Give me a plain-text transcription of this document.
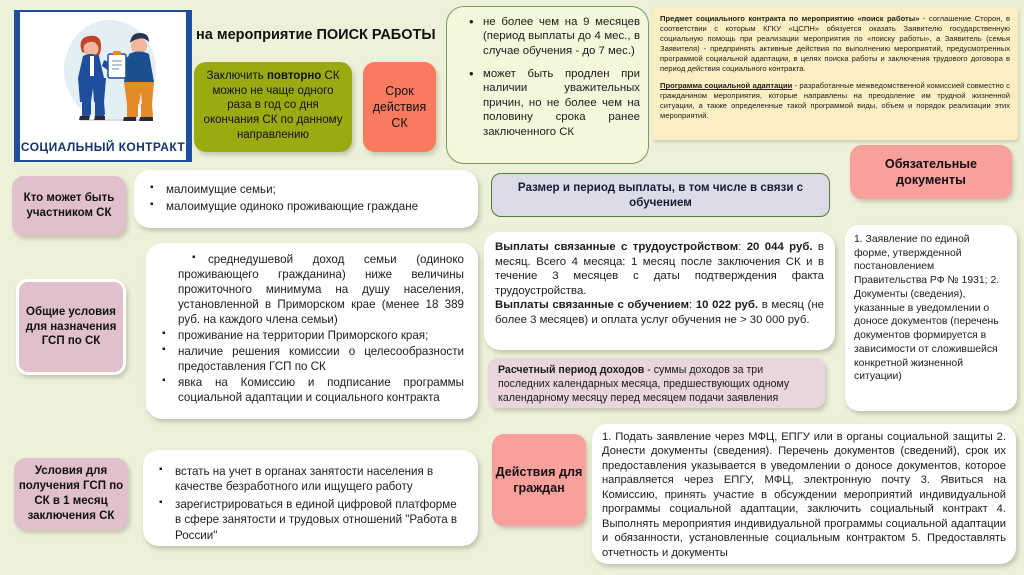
СОЦИАЛЬНЫЙ КОНТРАКТ
на мероприятие ПОИСК РАБОТЫ
Заключить повторно СК можно не чаще одного раза в год со дня окончания СК по данному направлению
Срок действия СК
• не более чем на 9 месяцев (период выплаты до 4 мес., в случае обучения - до 7 мес.)
• может быть продлен при наличии уважительных причин, но не более чем на половину срока ранее заключенного СК

Предмет социального контракта по мероприятию «поиск работы» - соглашение Сторон, в соответствии с которым КГКУ «ЦСПН» обязуется оказать Заявителю государственную социальную помощь при реализации мероприятия по «поиску работы», а Заявитель (семья Заявителя) - предпринять активные действия по выполнению мероприятий, предусмотренных программой социальной адаптации, в целях поиска работы и заключения трудового договора в период действия социального контракта.

Программа социальной адаптации - разработанные межведомственной комиссией совместно с гражданином мероприятия, которые направлены на преодоление им трудной жизненной ситуации, а также определенные такой программой виды, объем и порядок реализации этих мероприятий.

Кто может быть участником СК
Общие условия для назначения ГСП по СК
Условия для получения ГСП по СК в 1 месяц заключения СК
▪ малоимущие семьи;
▪ малоимущие одиноко проживающие граждане
▪ среднедушевой доход семьи (одиноко проживающего гражданина) ниже величины прожиточного минимума на душу населения, установленной в Приморском крае (менее 18 389 руб. на каждого члена семьи)
▪ проживание на территории Приморского края;
▪ наличие решения комиссии о целесообразности предоставления ГСП по СК
▪ явка на Комиссию и подписание программы социальной адаптации и социального контракта
▪ встать на учет в органах занятости населения в качестве безработного или ищущего работу
▪ зарегистрироваться в единой цифровой платформе в сфере занятости и трудовых отношений "Работа в России"
Размер и период выплаты, в том числе в связи с обучением

Выплаты связанные с трудоустройством: 20 044 руб. в месяц. Всего 4 месяца: 1 месяц после заключения СК и в течение 3 месяцев с даты подтверждения факта трудоустройства.

Выплаты связанные с обучением: 10 022 руб. в месяц (не более 3 месяцев) и оплата услуг обучения не > 30 000 руб.

Расчетный период доходов - суммы доходов за три последних календарных месяца, предшествующих одному календарному месяцу перед месяцем подачи заявления

Обязательные документы

1. Заявление по единой форме, утвержденной постановлением Правительства РФ № 1931; 2. Документы (сведения), указанные в уведомлении о доносе документов (перечень документов формируется в зависимости от сложившейся конкретной жизненной ситуации)

Действия для граждан

1. Подать заявление через МФЦ, ЕПГУ или в органы социальной защиты 2. Донести документы (сведения). Перечень документов (сведений), срок их предоставления указывается в уведомлении о доносе документов, которое направляется через ЕПГУ, МФЦ, электронную почту 3. Явиться на Комиссию, принять участие в обсуждении мероприятий индивидуальной программы социальной адаптации, заключить социальный контракт 4. Выполнять мероприятия индивидуальной программы социальной адаптации и обязанности, установленные социальным контрактом 5. Предоставлять отчетность и документы
